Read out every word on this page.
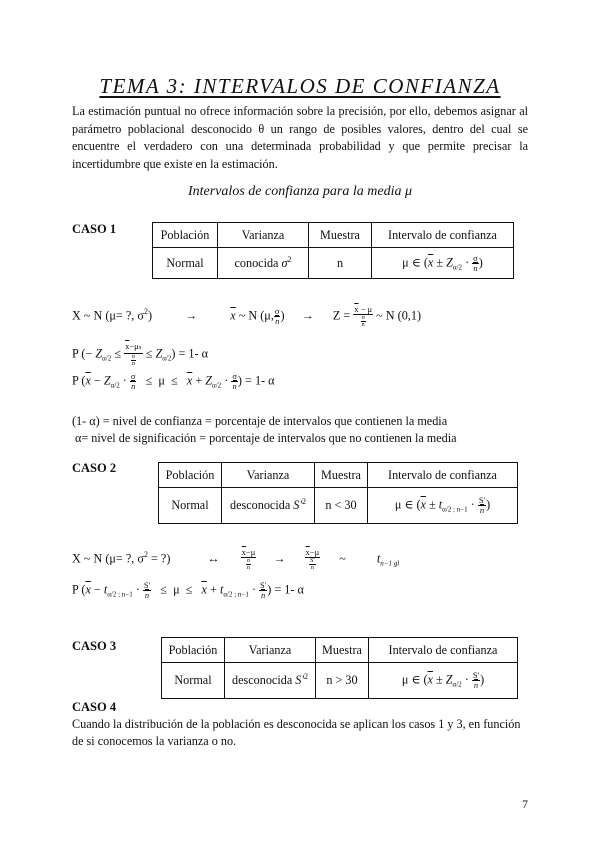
TEMA 3: INTERVALOS DE CONFIANZA
La estimación puntual no ofrece información sobre la precisión, por ello, debemos asignar al parámetro poblacional desconocido θ un rango de posibles valores, dentro del cual se encuentre el verdadero con una determinada probabilidad y que permite precisar la incertidumbre que existe en la estimación.
Intervalos de confianza para la media μ
CASO 1	Población	Varianza	Muestra	Intervalo de confianza
Normal	conocida $\sigma^2$	n	μ ∈ ($\overline{x} \pm Z_{\alpha/2} \cdot \frac{\sigma}{n}$ )
X ~ N (μ= ?, $\sigma^2$)	→	$\overline{x}$ ~ N (μ, $\frac{\sigma}{n}$ ) → $Z = \frac{\overline{x} - \mu}{\frac{\sigma}{n}}$ ~ N (0,1)
P (− $Z_{\alpha/2} \le \frac{\overline{x}-\mu x}{\frac{\sigma}{n}} \le Z_{\alpha/2}) = 1-$ α
P ($\overline{x} - Z_{\alpha/2} \cdot \frac{\sigma}{n} \le \mu \le \overline{x} + Z_{\alpha/2} \cdot \frac{\sigma}{n}$ ) = 1- α
(1- α) = nivel de confianza = porcentaje de intervalos que contienen la media
α= nivel de significación = porcentaje de intervalos que no contienen la media
CASO 2	Población	Varianza	Muestra	Intervalo de confianza
Normal	desconocida $S'^2$	n < 30	μ ∈ ($\overline{x} \pm t_{\alpha/2 ; n-1} \cdot \frac{S'}{n}$ )
X ~ N (μ= ?, $\sigma^2$ = ?)	↔ $\frac{\overline{x}-\mu}{\frac{\sigma}{n}} \to \frac{\overline{x}-\mu}{\frac{S'}{n}}$ ~	$t_{n-1 gl}$
P ($\overline{x} - t_{\alpha/2 ; n-1} \cdot \frac{S'}{n} \le \mu \le \overline{x} + t_{\alpha/2 ; n-1} \cdot \frac{S'}{n}$ ) = 1- α
CASO 3	Población	Varianza	Muestra	Intervalo de confianza
Normal	desconocida $S'^2$	n > 30	μ ∈ ($\overline{x} \pm Z_{\alpha/2} \cdot \frac{S'}{n}$ )
CASO 4
Cuando la distribución de la población es desconocida se aplican los casos 1 y 3, en función de si conocemos la varianza o no.
7
